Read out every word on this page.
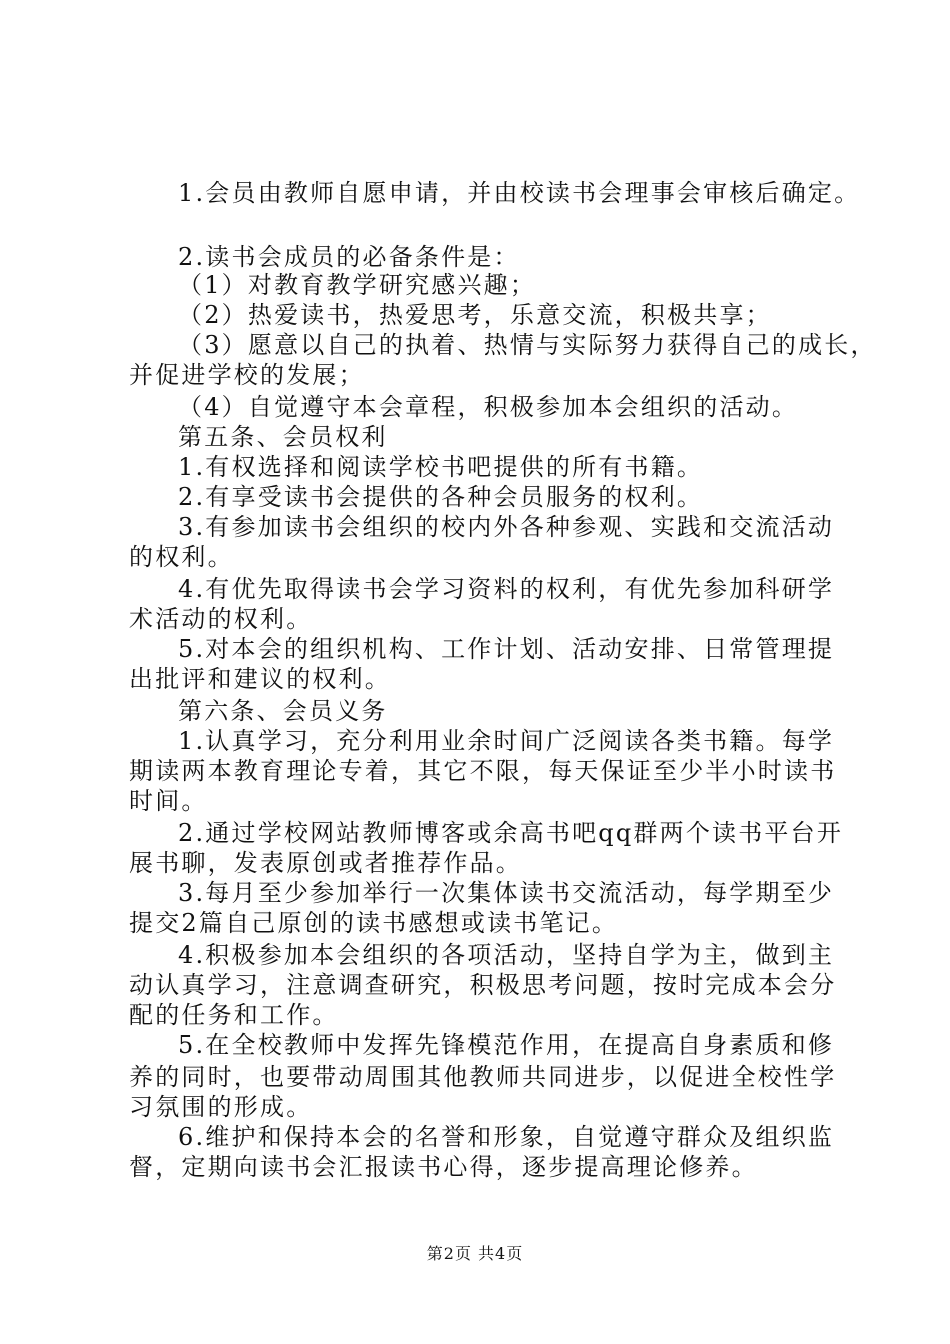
1.会员由教师自愿申请，并由校读书会理事会审核后确定。
2.读书会成员的必备条件是：
（1）对教育教学研究感兴趣；
（2）热爱读书，热爱思考，乐意交流，积极共享；
（3）愿意以自己的执着、热情与实际努力获得自己的成长，
并促进学校的发展；
（4）自觉遵守本会章程，积极参加本会组织的活动。
第五条、会员权利
1.有权选择和阅读学校书吧提供的所有书籍。
2.有享受读书会提供的各种会员服务的权利。
3.有参加读书会组织的校内外各种参观、实践和交流活动
的权利。
4.有优先取得读书会学习资料的权利，有优先参加科研学
术活动的权利。
5.对本会的组织机构、工作计划、活动安排、日常管理提
出批评和建议的权利。
第六条、会员义务
1.认真学习，充分利用业余时间广泛阅读各类书籍。每学
期读两本教育理论专着，其它不限，每天保证至少半小时读书
时间。
2.通过学校网站教师博客或余高书吧qq群两个读书平台开
展书聊，发表原创或者推荐作品。
3.每月至少参加举行一次集体读书交流活动，每学期至少
提交2篇自己原创的读书感想或读书笔记。
4.积极参加本会组织的各项活动，坚持自学为主，做到主
动认真学习，注意调查研究，积极思考问题，按时完成本会分
配的任务和工作。
5.在全校教师中发挥先锋模范作用，在提高自身素质和修
养的同时，也要带动周围其他教师共同进步，以促进全校性学
习氛围的形成。
6.维护和保持本会的名誉和形象，自觉遵守群众及组织监
督，定期向读书会汇报读书心得，逐步提高理论修养。
第2页 共4页
